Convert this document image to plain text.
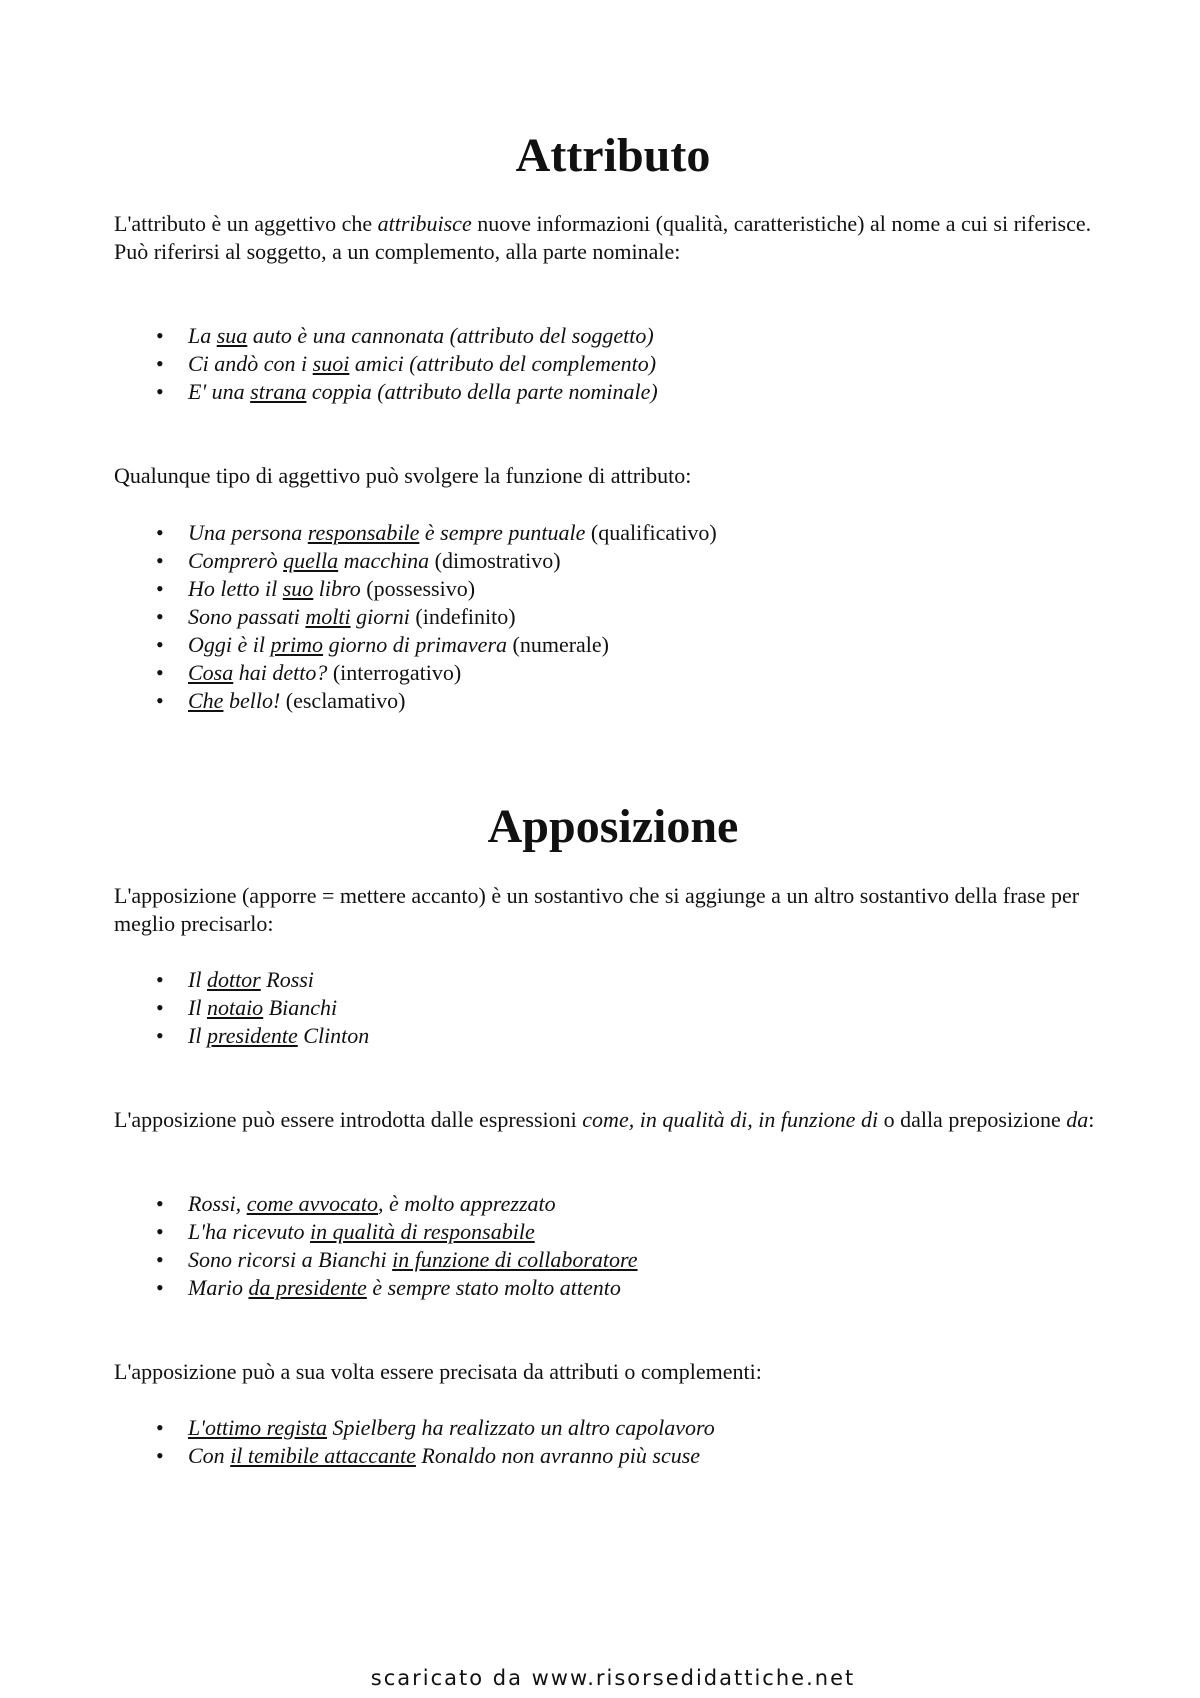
Attributo
L'attributo è un aggettivo che attribuisce nuove informazioni (qualità, caratteristiche) al nome a cui si riferisce.
Può riferirsi al soggetto, a un complemento, alla parte nominale:
• La sua auto è una cannonata (attributo del soggetto)
• Ci andò con i suoi amici (attributo del complemento)
• E' una strana coppia (attributo della parte nominale)
Qualunque tipo di aggettivo può svolgere la funzione di attributo:
• Una persona responsabile è sempre puntuale (qualificativo)
• Comprerò quella macchina (dimostrativo)
• Ho letto il suo libro (possessivo)
• Sono passati molti giorni (indefinito)
• Oggi è il primo giorno di primavera (numerale)
• Cosa hai detto? (interrogativo)
• Che bello! (esclamativo)
Apposizione
L'apposizione (apporre = mettere accanto) è un sostantivo che si aggiunge a un altro sostantivo della frase per meglio precisarlo:
• Il dottor Rossi
• Il notaio Bianchi
• Il presidente Clinton
L'apposizione può essere introdotta dalle espressioni come, in qualità di, in funzione di o dalla preposizione da:
• Rossi, come avvocato, è molto apprezzato
• L'ha ricevuto in qualità di responsabile
• Sono ricorsi a Bianchi in funzione di collaboratore
• Mario da presidente è sempre stato molto attento
L'apposizione può a sua volta essere precisata da attributi o complementi:
• L'ottimo regista Spielberg ha realizzato un altro capolavoro
• Con il temibile attaccante Ronaldo non avranno più scuse
scaricato da www.risorsedidattiche.net
